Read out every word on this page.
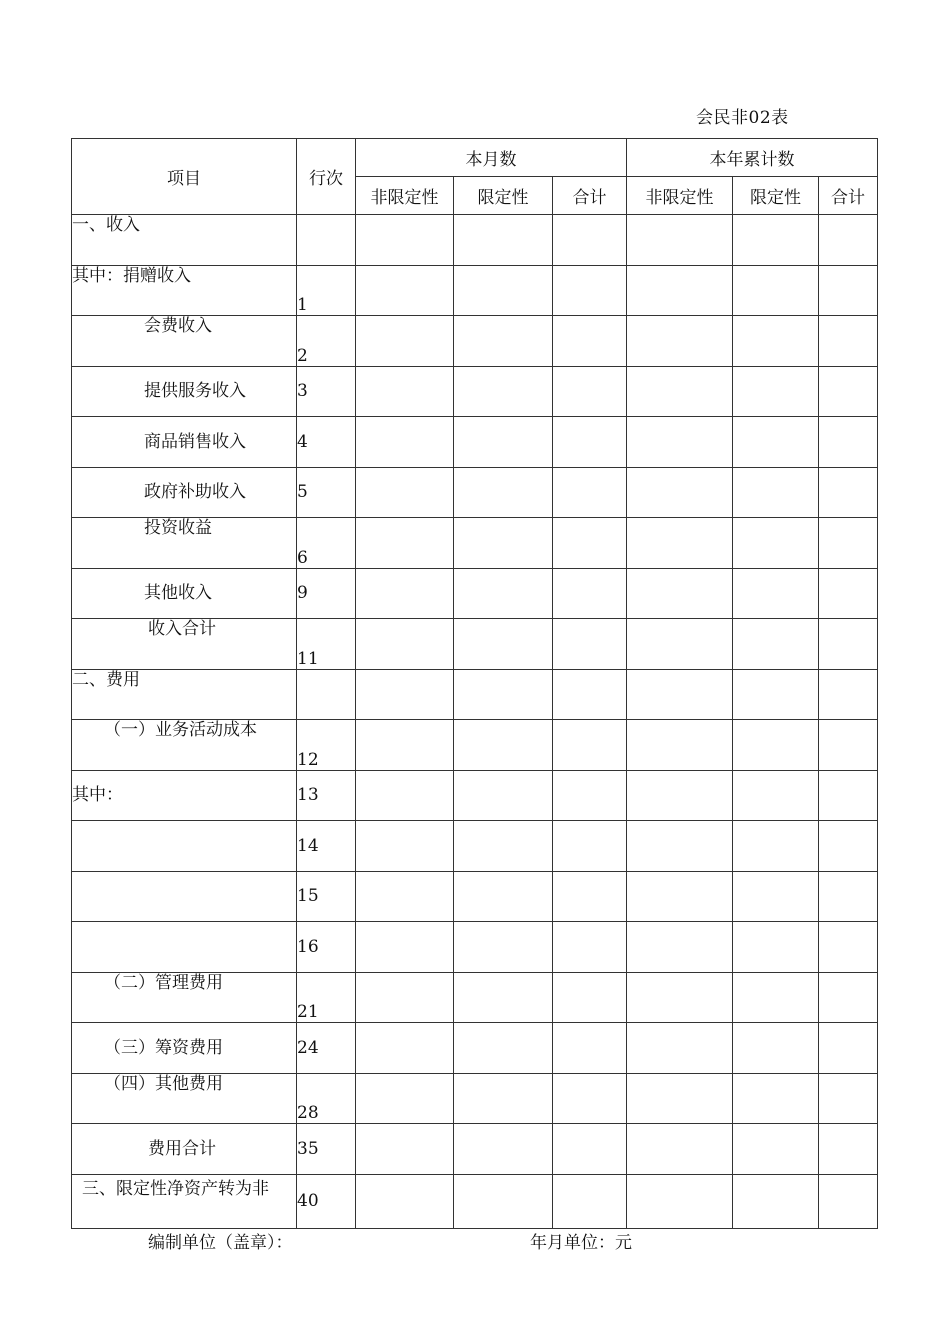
会民非02表
项目	行次	本月数			本年累计数		
		非限定性	限定性	合计	非限定性	限定性	合计
一、收入							
其中：捐赠收入	1						
会费收入	2						
提供服务收入	3						
商品销售收入	4						
政府补助收入	5						
投资收益	6						
其他收入	9						
收入合计	11						
二、费用							
（一）业务活动成本	12						
其中：	13						
	14						
	15						
	16						
（二）管理费用	21						
（三）筹资费用	24						
（四）其他费用	28						
费用合计	35						
三、限定性净资产转为非	40						
编制单位（盖章）：	年月单位：元
